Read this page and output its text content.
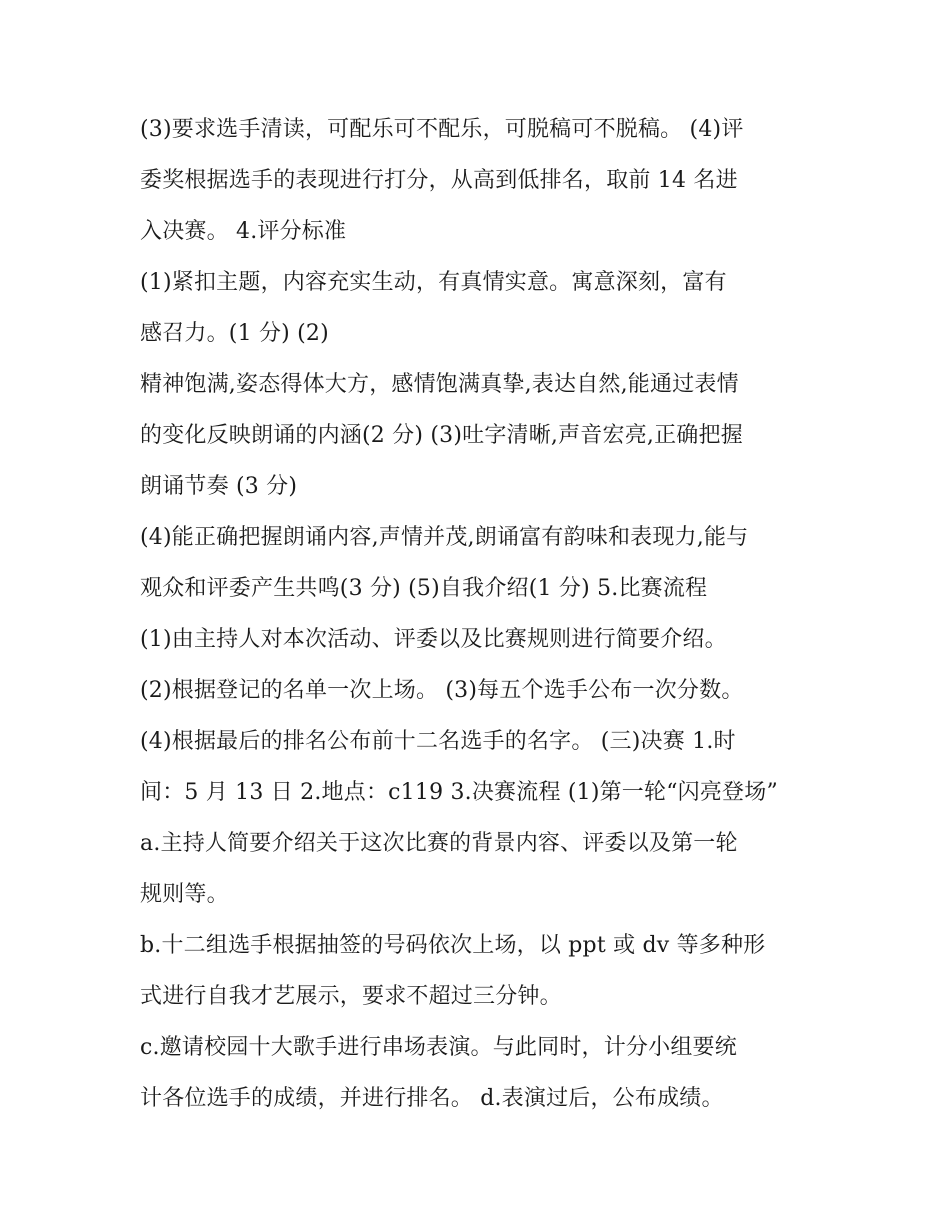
(3)要求选手清读，可配乐可不配乐，可脱稿可不脱稿。 (4)评
委奖根据选手的表现进行打分，从高到低排名，取前 14 名进
入决赛。 4.评分标准
(1)紧扣主题，内容充实生动，有真情实意。寓意深刻，富有
感召力。(1 分) (2)
精神饱满,姿态得体大方，感情饱满真挚,表达自然,能通过表情
的变化反映朗诵的内涵(2 分) (3)吐字清晰,声音宏亮,正确把握
朗诵节奏 (3 分)
(4)能正确把握朗诵内容,声情并茂,朗诵富有韵味和表现力,能与
观众和评委产生共鸣(3 分) (5)自我介绍(1 分) 5.比赛流程
(1)由主持人对本次活动、评委以及比赛规则进行简要介绍。
(2)根据登记的名单一次上场。 (3)每五个选手公布一次分数。
(4)根据最后的排名公布前十二名选手的名字。 (三)决赛 1.时
间：5 月 13 日 2.地点：c119 3.决赛流程 (1)第一轮“闪亮登场”
a.主持人简要介绍关于这次比赛的背景内容、评委以及第一轮
规则等。
b.十二组选手根据抽签的号码依次上场，以 ppt 或 dv 等多种形
式进行自我才艺展示，要求不超过三分钟。
c.邀请校园十大歌手进行串场表演。与此同时，计分小组要统
计各位选手的成绩，并进行排名。 d.表演过后，公布成绩。
